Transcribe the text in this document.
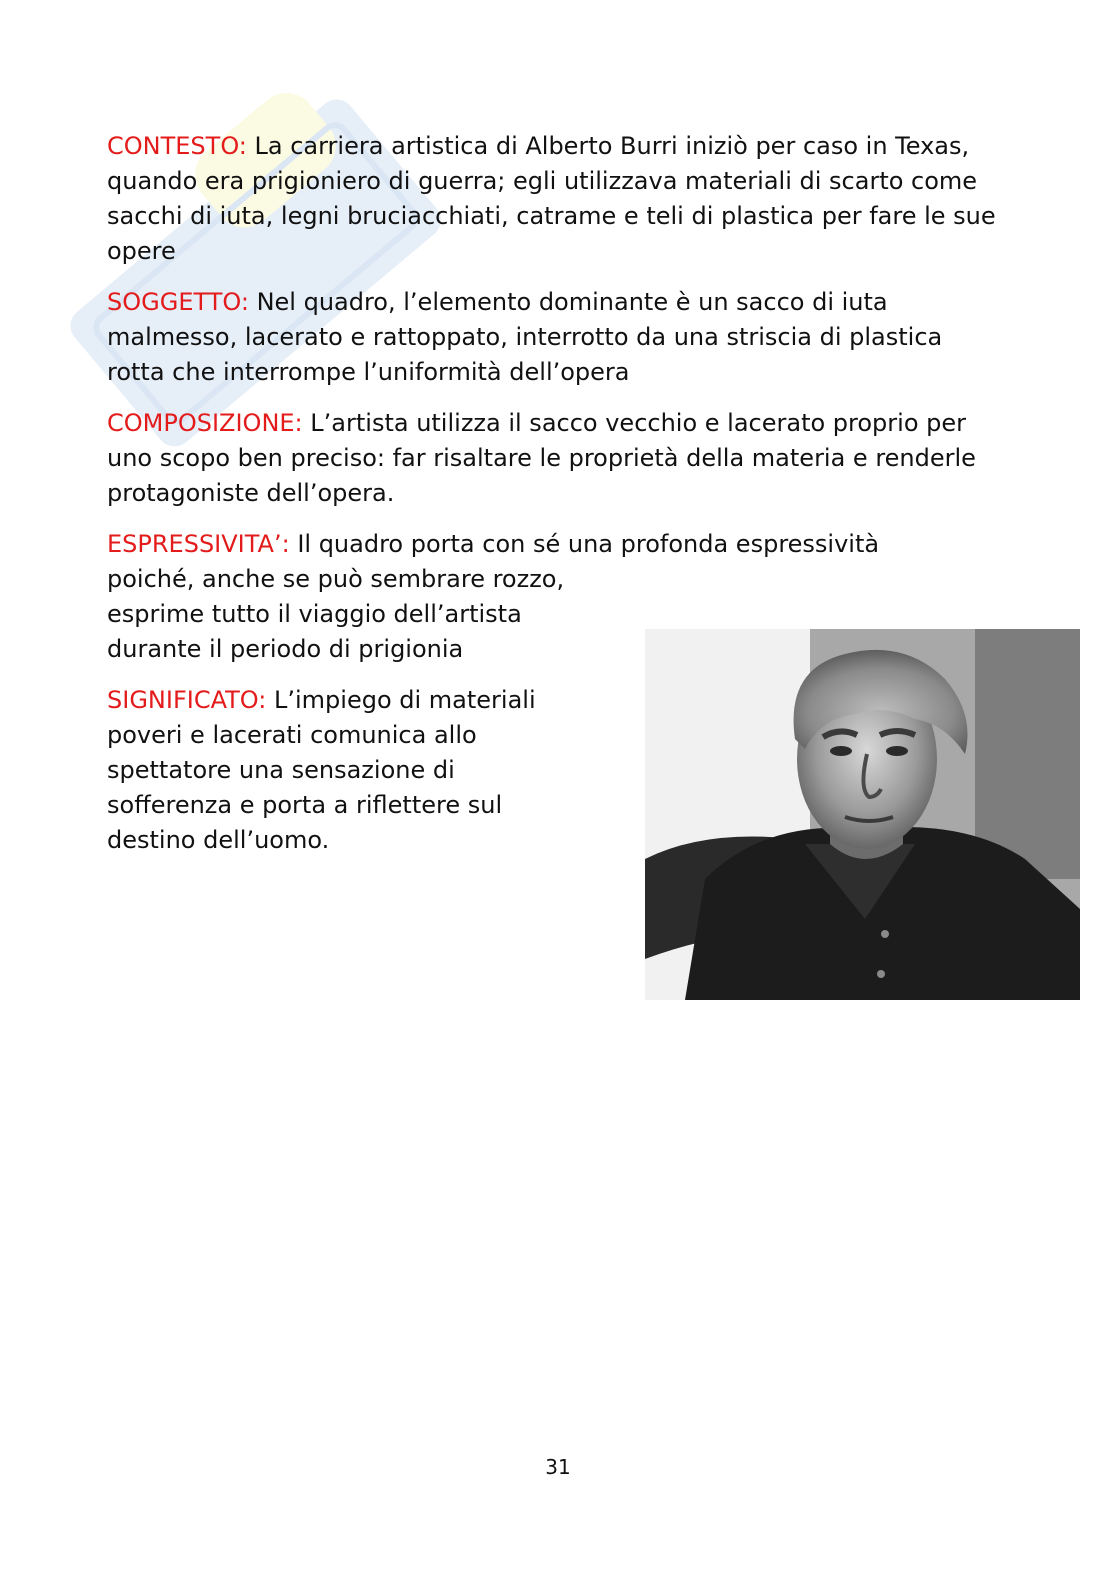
CONTESTO: La carriera artistica di Alberto Burri iniziò per caso in Texas, quando era prigioniero di guerra; egli utilizzava materiali di scarto come sacchi di iuta, legni bruciacchiati, catrame e teli di plastica per fare le sue opere

SOGGETTO: Nel quadro, l’elemento dominante è un sacco di iuta malmesso, lacerato e rattoppato, interrotto da una striscia di plastica rotta che interrompe l’uniformità dell’opera

COMPOSIZIONE: L’artista utilizza il sacco vecchio e lacerato proprio per uno scopo ben preciso: far risaltare le proprietà della materia e renderle protagoniste dell’opera.

ESPRESSIVITA’: Il quadro porta con sé una profonda espressività
poiché, anche se può sembrare rozzo, esprime tutto il viaggio dell’artista durante il periodo di prigionia

SIGNIFICATO: L’impiego di materiali poveri e lacerati comunica allo spettatore una sensazione di sofferenza e porta a riflettere sul destino dell’uomo.

31
